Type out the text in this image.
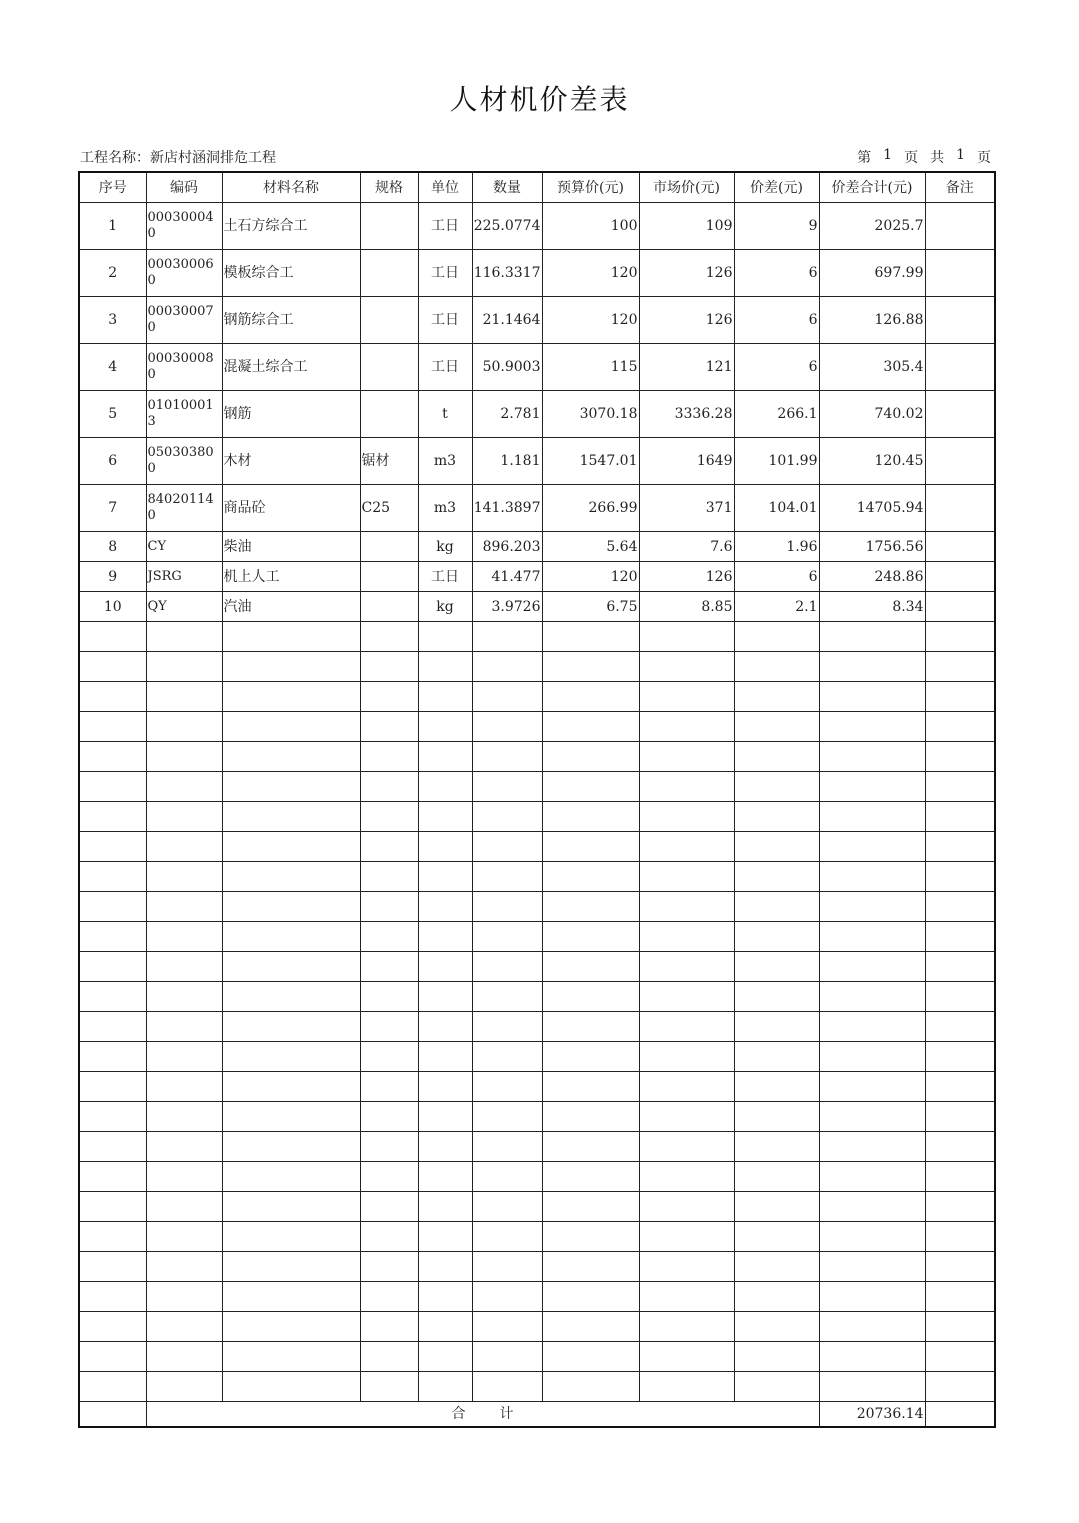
人材机价差表
工程名称：新店村涵洞排危工程	第 1 页 共 1 页
序号	编码	材料名称	规格	单位	数量	预算价(元)	市场价(元)	价差(元)	价差合计(元)	备注
1	000300040	土石方综合工		工日	225.0774	100	109	9	2025.7	
2	000300060	模板综合工		工日	116.3317	120	126	6	697.99	
3	000300070	钢筋综合工		工日	21.1464	120	126	6	126.88	
4	000300080	混凝土综合工		工日	50.9003	115	121	6	305.4	
5	010100013	钢筋		t	2.781	3070.18	3336.28	266.1	740.02	
6	050303800	木材	锯材	m3	1.181	1547.01	1649	101.99	120.45	
7	840201140	商品砼	C25	m3	141.3897	266.99	371	104.01	14705.94	
8	CY	柴油		kg	896.203	5.64	7.6	1.96	1756.56	
9	JSRG	机上人工		工日	41.477	120	126	6	248.86	
10	QY	汽油		kg	3.9726	6.75	8.85	2.1	8.34	

	合 计								20736.14	
